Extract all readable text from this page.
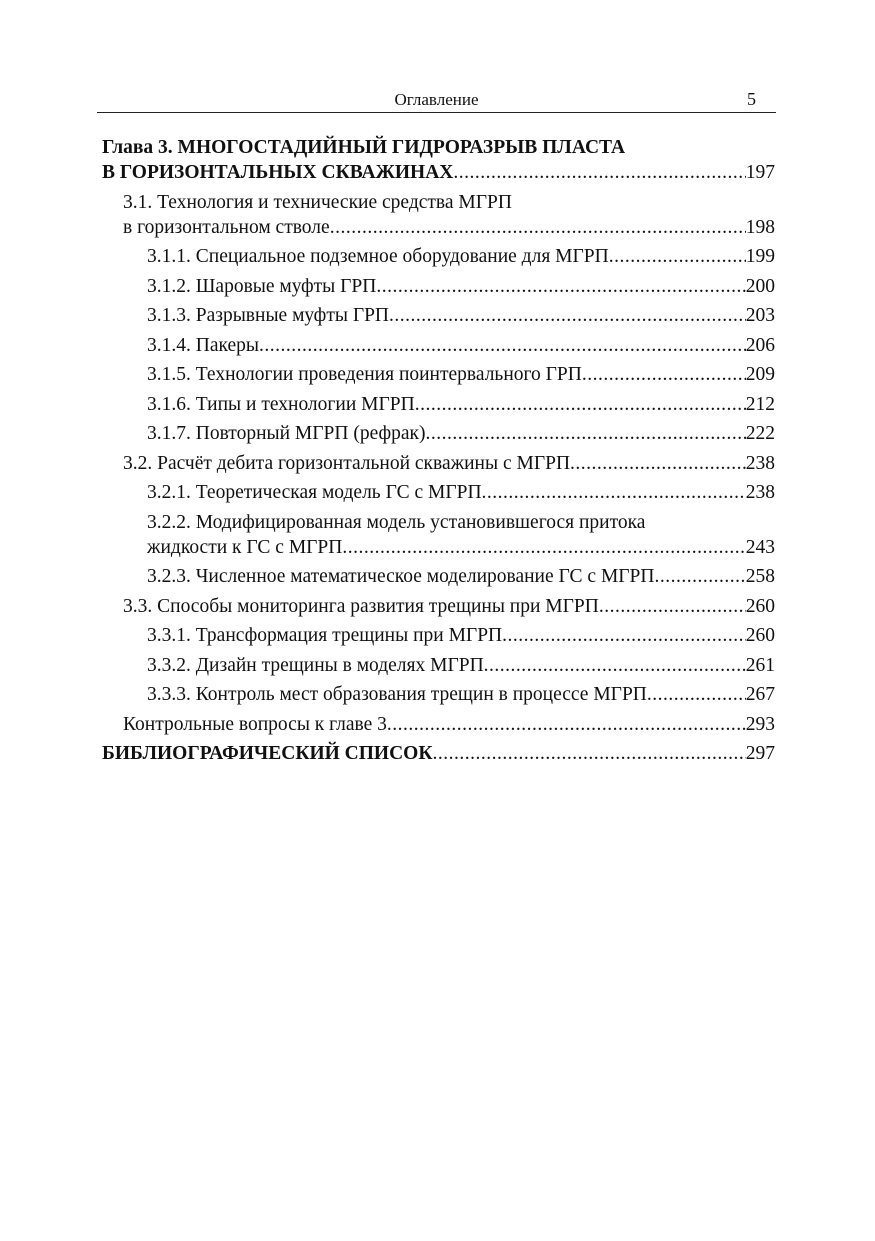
Оглавление	5
Глава 3. МНОГОСТАДИЙНЫЙ ГИДРОРАЗРЫВ ПЛАСТА
В ГОРИЗОНТАЛЬНЫХ СКВАЖИНАХ .....	197
3.1. Технология и технические средства МГРП
в горизонтальном стволе .....	198
3.1.1. Специальное подземное оборудование для МГРП .....	199
3.1.2. Шаровые муфты ГРП .....	200
3.1.3. Разрывные муфты ГРП .....	203
3.1.4. Пакеры .....	206
3.1.5. Технологии проведения поинтервального ГРП .....	209
3.1.6. Типы и технологии МГРП .....	212
3.1.7. Повторный МГРП (рефрак) .....	222
3.2. Расчёт дебита горизонтальной скважины с МГРП .....	238
3.2.1. Теоретическая модель ГС с МГРП .....	238
3.2.2. Модифицированная модель установившегося притока
жидкости к ГС с МГРП .....	243
3.2.3. Численное математическое моделирование ГС с МГРП .....	258
3.3. Способы мониторинга развития трещины при МГРП .....	260
3.3.1. Трансформация трещины при МГРП .....	260
3.3.2. Дизайн трещины в моделях МГРП .....	261
3.3.3. Контроль мест образования трещин в процессе МГРП .....	267
Контрольные вопросы к главе 3 .....	293
БИБЛИОГРАФИЧЕСКИЙ СПИСОК .....	297
